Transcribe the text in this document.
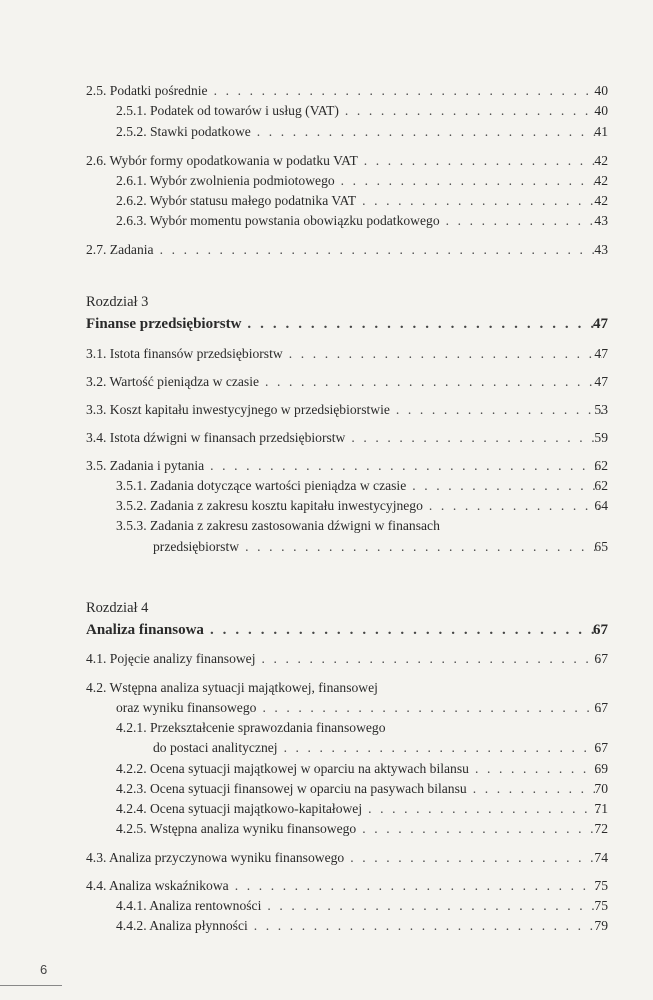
2.5. Podatki pośrednie . . .	40
2.5.1. Podatek od towarów i usług (VAT) . . .	40
2.5.2. Stawki podatkowe . . .	41
2.6. Wybór formy opodatkowania w podatku VAT . . .	42
2.6.1. Wybór zwolnienia podmiotowego . . .	42
2.6.2. Wybór statusu małego podatnika VAT . . .	42
2.6.3. Wybór momentu powstania obowiązku podatkowego . . .	43
2.7. Zadania . . .	43
Rozdział 3
Finanse przedsiębiorstw . . .	47
3.1. Istota finansów przedsiębiorstw . . .	47
3.2. Wartość pieniądza w czasie . . .	47
3.3. Koszt kapitału inwestycyjnego w przedsiębiorstwie . . .	53
3.4. Istota dźwigni w finansach przedsiębiorstw . . .	59
3.5. Zadania i pytania . . .	62
3.5.1. Zadania dotyczące wartości pieniądza w czasie . . .	62
3.5.2. Zadania z zakresu kosztu kapitału inwestycyjnego . . .	64
3.5.3. Zadania z zakresu zastosowania dźwigni w finansach
przedsiębiorstw . . .	65
Rozdział 4
Analiza finansowa . . .	67
4.1. Pojęcie analizy finansowej . . .	67
4.2. Wstępna analiza sytuacji majątkowej, finansowej
oraz wyniku finansowego . . .	67
4.2.1. Przekształcenie sprawozdania finansowego
do postaci analitycznej . . .	67
4.2.2. Ocena sytuacji majątkowej w oparciu na aktywach bilansu . . .	69
4.2.3. Ocena sytuacji finansowej w oparciu na pasywach bilansu . . .	70
4.2.4. Ocena sytuacji majątkowo-kapitałowej . . .	71
4.2.5. Wstępna analiza wyniku finansowego . . .	72
4.3. Analiza przyczynowa wyniku finansowego . . .	74
4.4. Analiza wskaźnikowa . . .	75
4.4.1. Analiza rentowności . . .	75
4.4.2. Analiza płynności . . .	79
6
